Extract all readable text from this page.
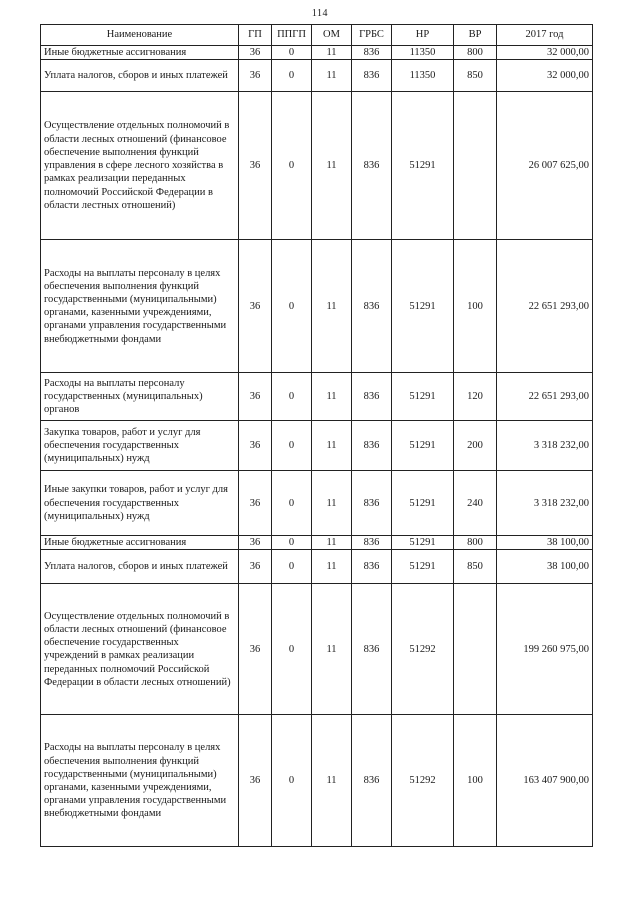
114
Наименование	ГП	ППГП	ОМ	ГРБС	НР	ВР	2017 год
Иные бюджетные ассигнования	36	0	11	836	11350	800	32 000,00
Уплата налогов, сборов и иных платежей	36	0	11	836	11350	850	32 000,00
Осуществление отдельных полномочий в области лесных отношений (финансовое обеспечение выполнения функций управления в сфере лесного хозяйства в рамках реализации переданных полномочий Российской Федерации в области лестных отношений)	36	0	11	836	51291		26 007 625,00
Расходы на выплаты персоналу в целях обеспечения выполнения функций государственными (муниципальными) органами, казенными учреждениями, органами управления государственными внебюджетными фондами	36	0	11	836	51291	100	22 651 293,00
Расходы на выплаты персоналу государственных (муниципальных) органов	36	0	11	836	51291	120	22 651 293,00
Закупка товаров, работ и услуг для обеспечения государственных (муниципальных) нужд	36	0	11	836	51291	200	3 318 232,00
Иные закупки товаров, работ и услуг для обеспечения государственных (муниципальных) нужд	36	0	11	836	51291	240	3 318 232,00
Иные бюджетные ассигнования	36	0	11	836	51291	800	38 100,00
Уплата налогов, сборов и иных платежей	36	0	11	836	51291	850	38 100,00
Осуществление отдельных полномочий в области лесных отношений (финансовое обеспечение государственных учреждений в рамках реализации переданных полномочий Российской Федерации в области лесных отношений)	36	0	11	836	51292		199 260 975,00
Расходы на выплаты персоналу в целях обеспечения выполнения функций государственными (муниципальными) органами, казенными учреждениями, органами управления государственными внебюджетными фондами	36	0	11	836	51292	100	163 407 900,00
